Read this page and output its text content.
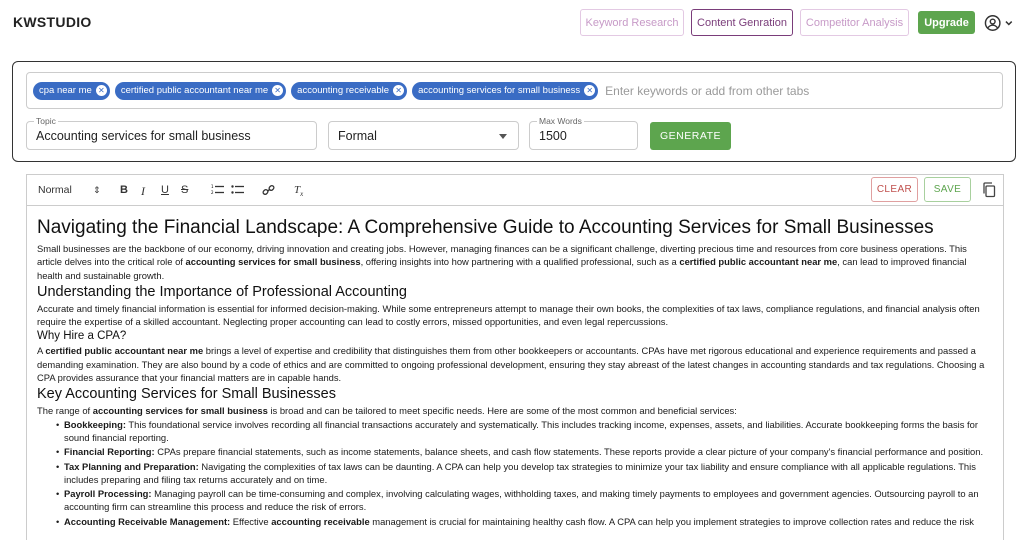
KWSTUDIO	Keyword Research	Content Genration	Competitor Analysis	Upgrade
cpa near me ✕ certified public accountant near me ✕ accounting receivable ✕ accounting services for small business ✕
Enter keywords or add from other tabs
Topic
Accounting services for small business	Formal
Max Words
1500	GENERATE
Normal ⇕ B I U S	1
2	$T_x$	CLEAR	SAVE
Navigating the Financial Landscape: A Comprehensive Guide to Accounting Services for Small Businesses

Small businesses are the backbone of our economy, driving innovation and creating jobs. However, managing finances can be a significant challenge, diverting precious time and resources from core business operations. This article delves into the critical role of accounting services for small business, offering insights into how partnering with a qualified professional, such as a certified public accountant near me, can lead to improved financial health and sustainable growth.

Understanding the Importance of Professional Accounting

Accurate and timely financial information is essential for informed decision-making. While some entrepreneurs attempt to manage their own books, the complexities of tax laws, compliance regulations, and financial analysis often require the expertise of a skilled accountant. Neglecting proper accounting can lead to costly errors, missed opportunities, and even legal repercussions.

Why Hire a CPA?

A certified public accountant near me brings a level of expertise and credibility that distinguishes them from other bookkeepers or accountants. CPAs have met rigorous educational and experience requirements and passed a demanding examination. They are also bound by a code of ethics and are committed to ongoing professional development, ensuring they stay abreast of the latest changes in accounting standards and tax regulations. Choosing a CPA provides assurance that your financial matters are in capable hands.

Key Accounting Services for Small Businesses

The range of accounting services for small business is broad and can be tailored to meet specific needs. Here are some of the most common and beneficial services:

• Bookkeeping: This foundational service involves recording all financial transactions accurately and systematically. This includes tracking income, expenses, assets, and liabilities. Accurate bookkeeping forms the basis for sound financial reporting.
• Financial Reporting: CPAs prepare financial statements, such as income statements, balance sheets, and cash flow statements. These reports provide a clear picture of your company's financial performance and position.
• Tax Planning and Preparation: Navigating the complexities of tax laws can be daunting. A CPA can help you develop tax strategies to minimize your tax liability and ensure compliance with all applicable regulations. This includes preparing and filing tax returns accurately and on time.
• Payroll Processing: Managing payroll can be time-consuming and complex, involving calculating wages, withholding taxes, and making timely payments to employees and government agencies. Outsourcing payroll to an accounting firm can streamline this process and reduce the risk of errors.
• Accounting Receivable Management: Effective accounting receivable management is crucial for maintaining healthy cash flow. A CPA can help you implement strategies to improve collection rates and reduce the risk
